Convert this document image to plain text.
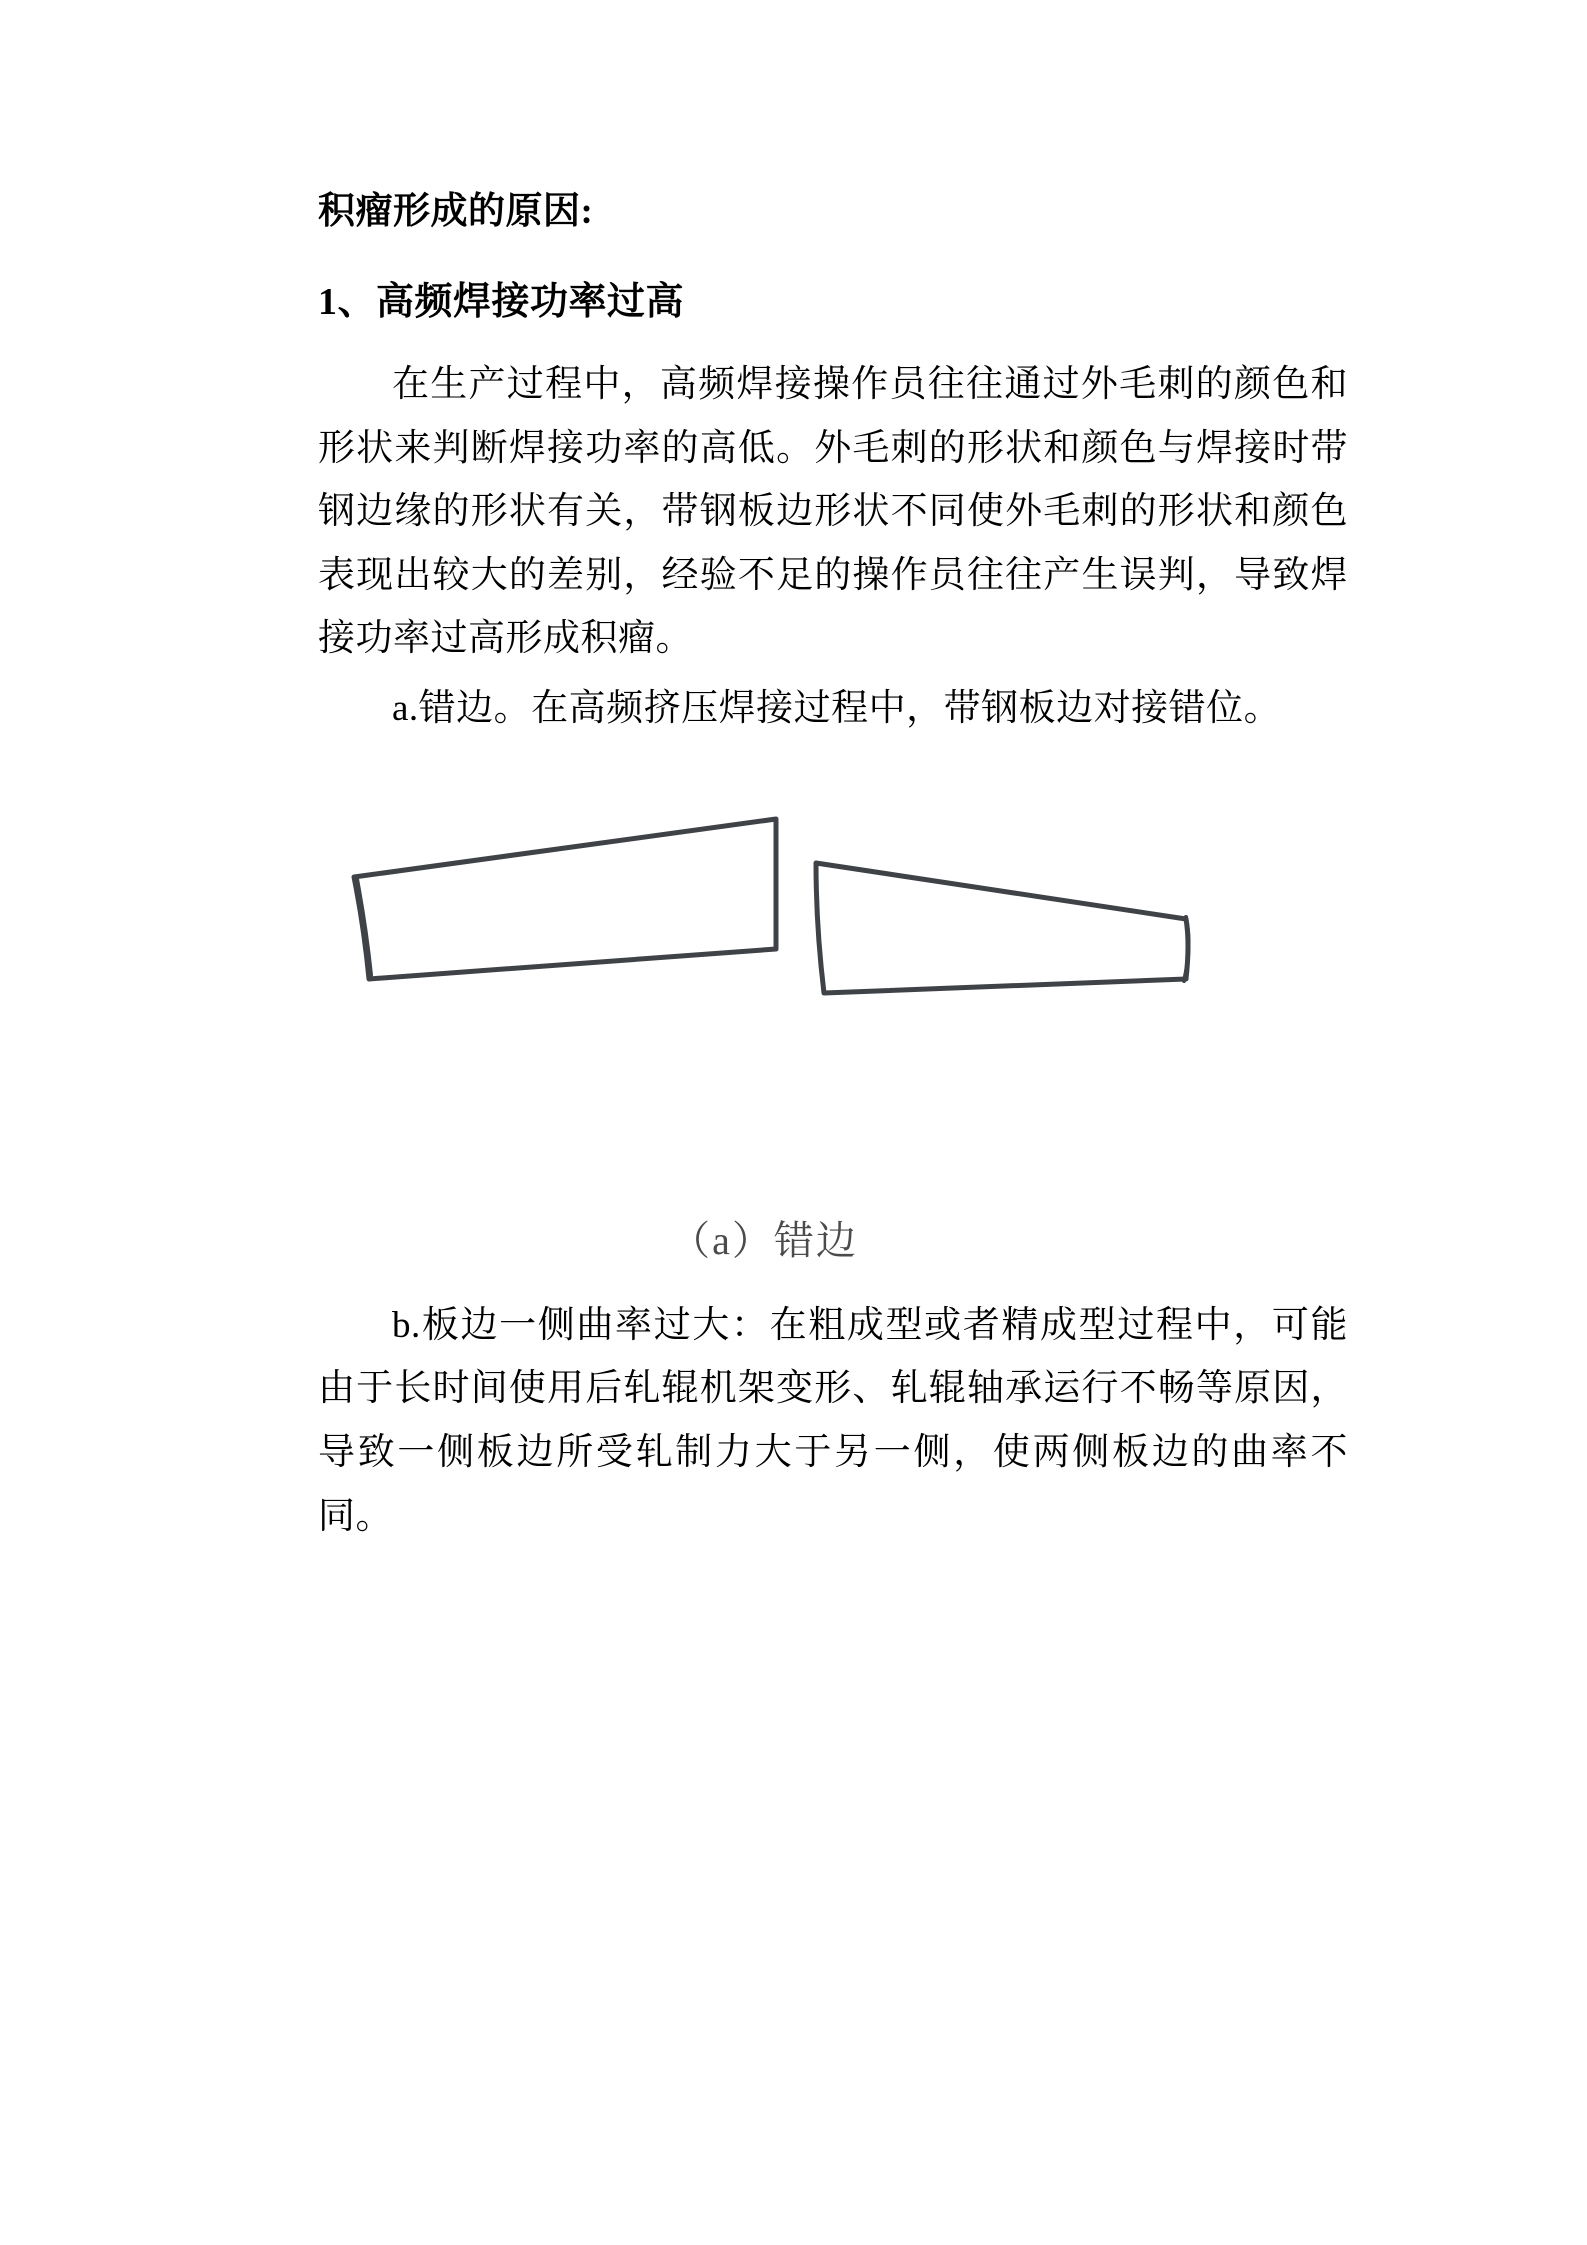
积瘤形成的原因:

1、高频焊接功率过高

在生产过程中，高频焊接操作员往往通过外毛刺的颜色和形状来判断焊接功率的高低。外毛刺的形状和颜色与焊接时带钢边缘的形状有关，带钢板边形状不同使外毛刺的形状和颜色表现出较大的差别，经验不足的操作员往往产生误判，导致焊接功率过高形成积瘤。

a.错边。在高频挤压焊接过程中，带钢板边对接错位。

（a）错边

b.板边一侧曲率过大：在粗成型或者精成型过程中，可能由于长时间使用后轧辊机架变形、轧辊轴承运行不畅等原因，导致一侧板边所受轧制力大于另一侧，使两侧板边的曲率不同。
